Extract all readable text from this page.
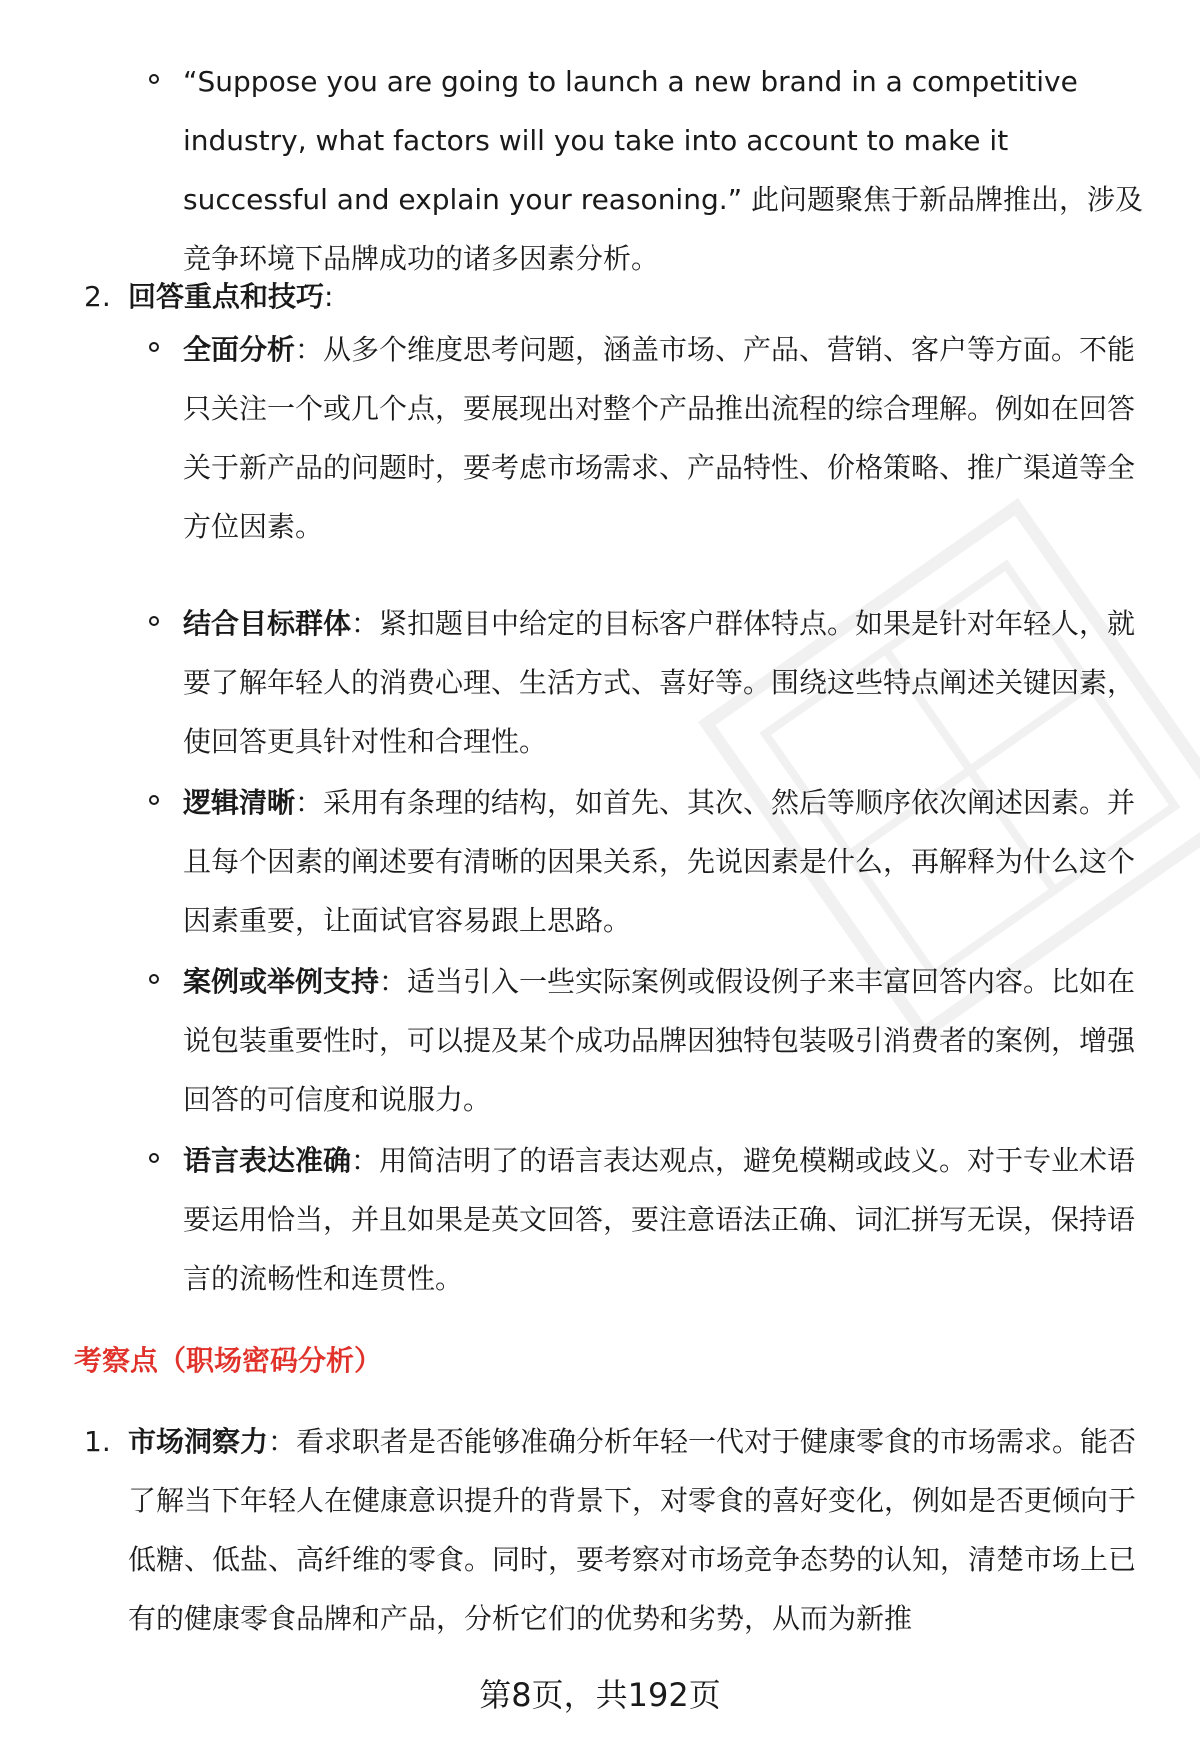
“Suppose you are going to launch a new brand in a competitive industry, what factors will you take into account to make it successful and explain your reasoning.” 此问题聚焦于新品牌推出，涉及竞争环境下品牌成功的诸多因素分析。
2. 回答重点和技巧:
全面分析：从多个维度思考问题，涵盖市场、产品、营销、客户等方面。不能只关注一个或几个点，要展现出对整个产品推出流程的综合理解。例如在回答关于新产品的问题时，要考虑市场需求、产品特性、价格策略、推广渠道等全方位因素。
结合目标群体：紧扣题目中给定的目标客户群体特点。如果是针对年轻人，就要了解年轻人的消费心理、生活方式、喜好等。围绕这些特点阐述关键因素，使回答更具针对性和合理性。
逻辑清晰：采用有条理的结构，如首先、其次、然后等顺序依次阐述因素。并且每个因素的阐述要有清晰的因果关系，先说因素是什么，再解释为什么这个因素重要，让面试官容易跟上思路。
案例或举例支持：适当引入一些实际案例或假设例子来丰富回答内容。比如在说包装重要性时，可以提及某个成功品牌因独特包装吸引消费者的案例，增强回答的可信度和说服力。
语言表达准确：用简洁明了的语言表达观点，避免模糊或歧义。对于专业术语要运用恰当，并且如果是英文回答，要注意语法正确、词汇拼写无误，保持语言的流畅性和连贯性。
考察点（职场密码分析）
1. 市场洞察力：看求职者是否能够准确分析年轻一代对于健康零食的市场需求。能否了解当下年轻人在健康意识提升的背景下，对零食的喜好变化，例如是否更倾向于低糖、低盐、高纤维的零食。同时，要考察对市场竞争态势的认知，清楚市场上已有的健康零食品牌和产品，分析它们的优势和劣势，从而为新推
第8页，共192页
